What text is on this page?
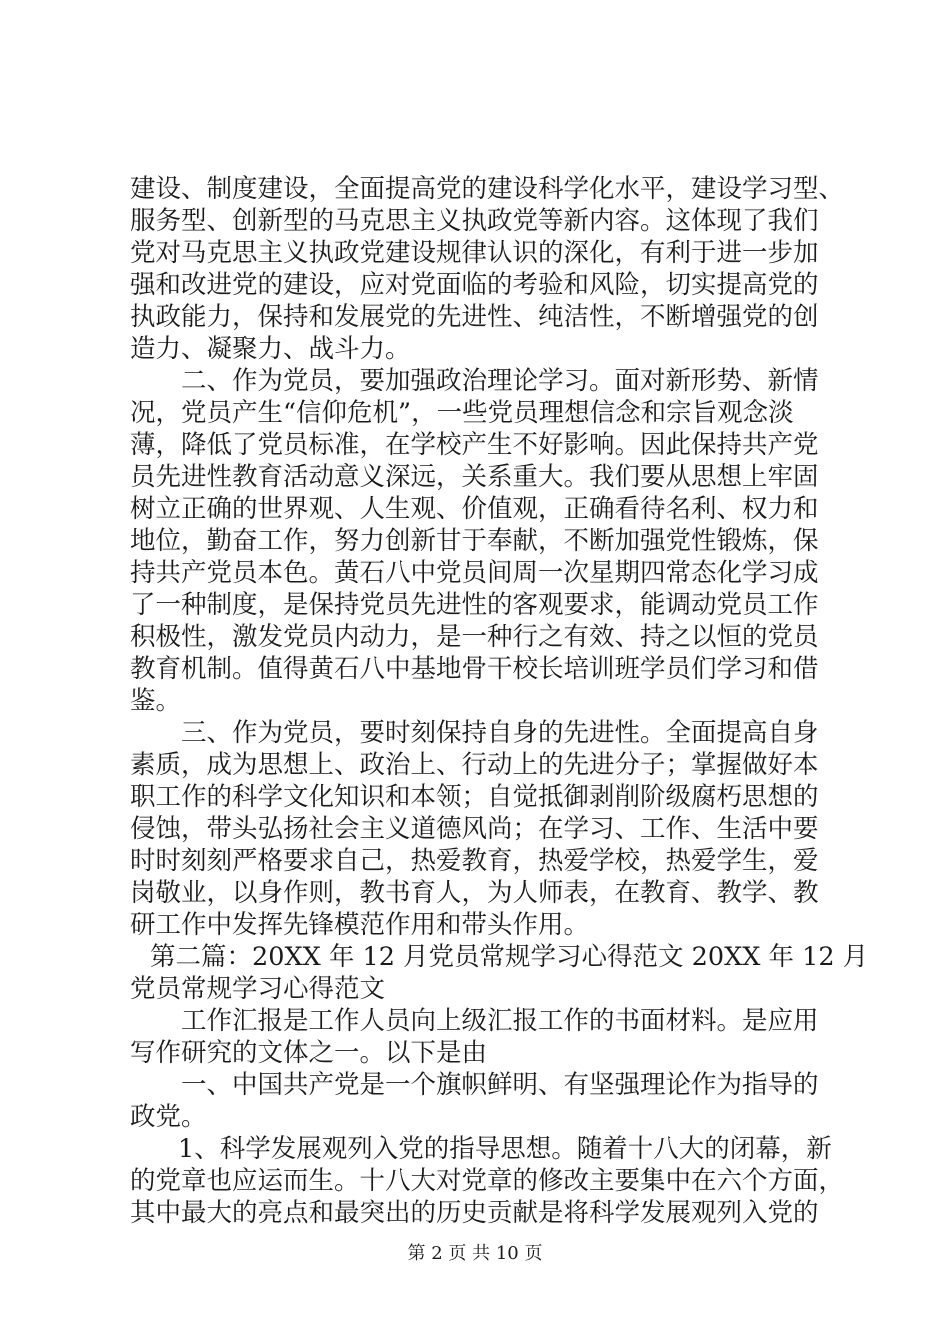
建设、制度建设，全面提高党的建设科学化水平，建设学习型、
服务型、创新型的马克思主义执政党等新内容。这体现了我们
党对马克思主义执政党建设规律认识的深化，有利于进一步加
强和改进党的建设，应对党面临的考验和风险，切实提高党的
执政能力，保持和发展党的先进性、纯洁性，不断增强党的创
造力、凝聚力、战斗力。
二、作为党员，要加强政治理论学习。面对新形势、新情
况，党员产生“信仰危机”，一些党员理想信念和宗旨观念淡
薄，降低了党员标准，在学校产生不好影响。因此保持共产党
员先进性教育活动意义深远，关系重大。我们要从思想上牢固
树立正确的世界观、人生观、价值观，正确看待名利、权力和
地位，勤奋工作，努力创新甘于奉献，不断加强党性锻炼，保
持共产党员本色。黄石八中党员间周一次星期四常态化学习成
了一种制度，是保持党员先进性的客观要求，能调动党员工作
积极性，激发党员内动力，是一种行之有效、持之以恒的党员
教育机制。值得黄石八中基地骨干校长培训班学员们学习和借
鉴。
三、作为党员，要时刻保持自身的先进性。全面提高自身
素质，成为思想上、政治上、行动上的先进分子；掌握做好本
职工作的科学文化知识和本领；自觉抵御剥削阶级腐朽思想的
侵蚀，带头弘扬社会主义道德风尚；在学习、工作、生活中要
时时刻刻严格要求自己，热爱教育，热爱学校，热爱学生，爱
岗敬业，以身作则，教书育人，为人师表，在教育、教学、教
研工作中发挥先锋模范作用和带头作用。
第二篇：20XX 年 12 月党员常规学习心得范文 20XX 年 12 月
党员常规学习心得范文
工作汇报是工作人员向上级汇报工作的书面材料。是应用
写作研究的文体之一。以下是由
一、中国共产党是一个旗帜鲜明、有坚强理论作为指导的
政党。
1、科学发展观列入党的指导思想。随着十八大的闭幕，新
的党章也应运而生。十八大对党章的修改主要集中在六个方面，
其中最大的亮点和最突出的历史贡献是将科学发展观列入党的
第 2 页 共 10 页
